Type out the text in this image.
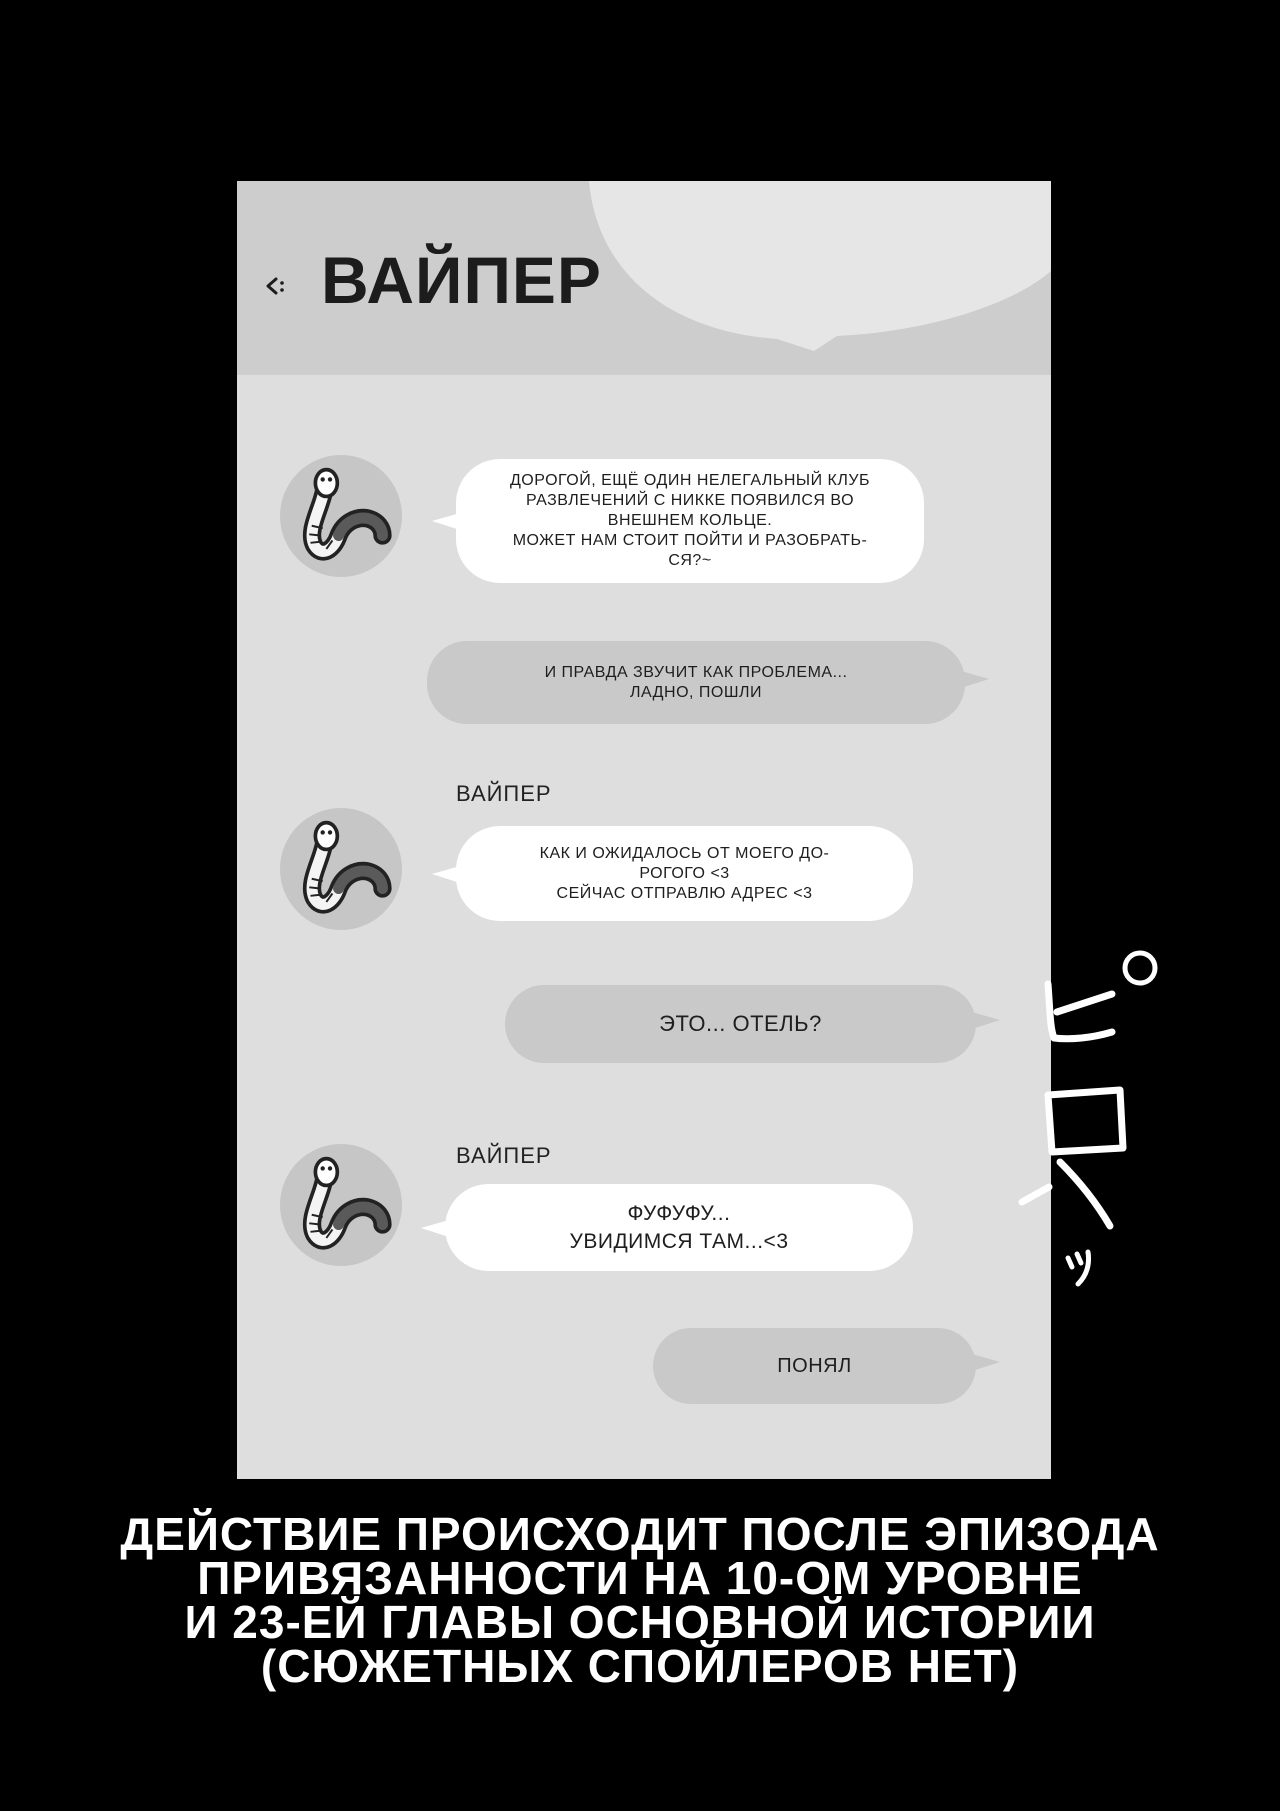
ВАЙПЕР
ДОРОГОЙ, ЕЩЁ ОДИН НЕЛЕГАЛЬНЫЙ КЛУБ
РАЗВЛЕЧЕНИЙ С НИККЕ ПОЯВИЛСЯ ВО
ВНЕШНЕМ КОЛЬЦЕ.
МОЖЕТ НАМ СТОИТ ПОЙТИ И РАЗОБРАТЬ-
СЯ?~
И ПРАВДА ЗВУЧИТ КАК ПРОБЛЕМА...
ЛАДНО, ПОШЛИ
ВАЙПЕР
КАК И ОЖИДАЛОСЬ ОТ МОЕГО ДО-
РОГОГО <3
СЕЙЧАС ОТПРАВЛЮ АДРЕС <3
ЭТО... ОТЕЛЬ?
ВАЙПЕР
ФУФУФУ...
УВИДИМСЯ ТАМ...<3
ПОНЯЛ
ДЕЙСТВИЕ ПРОИСХОДИТ ПОСЛЕ ЭПИЗОДА
ПРИВЯЗАННОСТИ НА 10-ОМ УРОВНЕ
И 23-ЕЙ ГЛАВЫ ОСНОВНОЙ ИСТОРИИ
(СЮЖЕТНЫХ СПОЙЛЕРОВ НЕТ)
